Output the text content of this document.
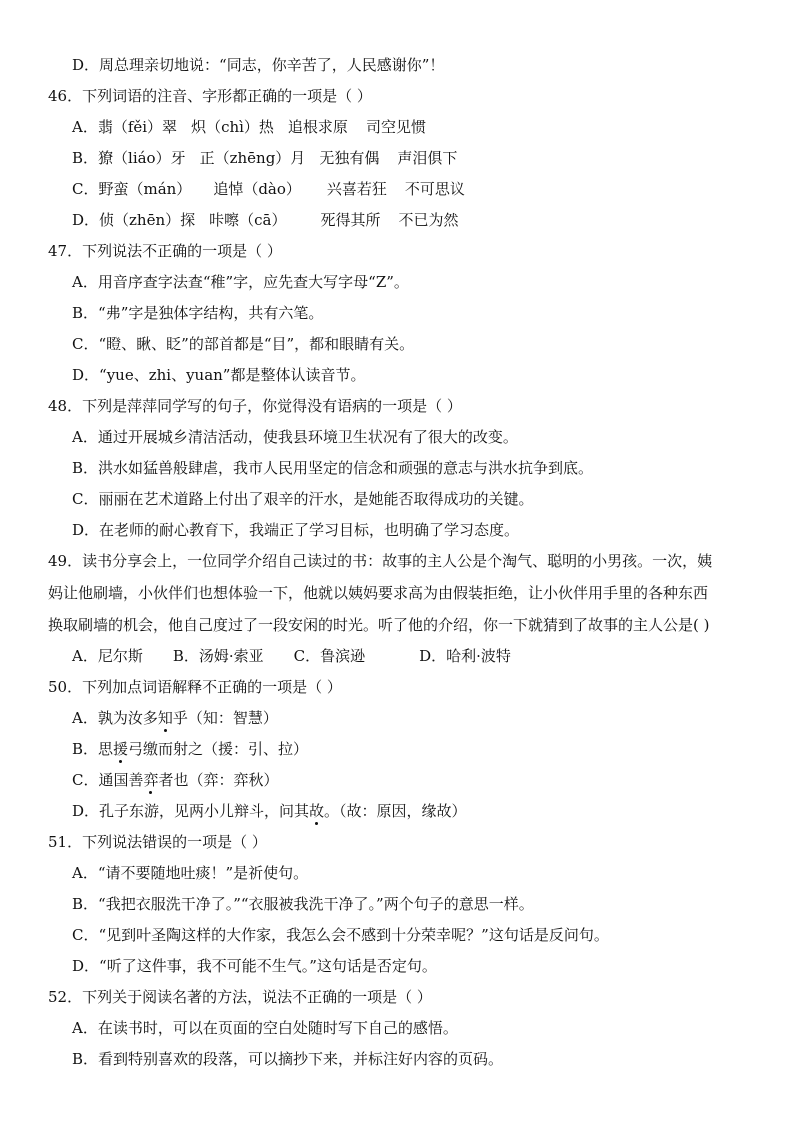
D．周总理亲切地说：“同志，你辛苦了，人民感谢你”！
46．下列词语的注音、字形都正确的一项是（ ）
A．翡（fěi）翠 炽（chì）热 追根求原 司空见惯
B．獠（liáo）牙 正（zhēng）月 无独有偶 声泪俱下
C．野蛮（mán） 追悼（dào） 兴喜若狂 不可思议
D．侦（zhēn）探 咔嚓（cā） 死得其所 不已为然
47．下列说法不正确的一项是（ ）
A．用音序查字法查“稚”字，应先查大写字母“Z”。
B．“弗”字是独体字结构，共有六笔。
C．“瞪、瞅、眨”的部首都是“目”，都和眼睛有关。
D．“yue、zhi、yuan”都是整体认读音节。
48．下列是萍萍同学写的句子，你觉得没有语病的一项是（ ）
A．通过开展城乡清洁活动，使我县环境卫生状况有了很大的改变。
B．洪水如猛兽般肆虐，我市人民用坚定的信念和顽强的意志与洪水抗争到底。
C．丽丽在艺术道路上付出了艰辛的汗水，是她能否取得成功的关键。
D．在老师的耐心教育下，我端正了学习目标，也明确了学习态度。
49．读书分享会上，一位同学介绍自己读过的书：故事的主人公是个淘气、聪明的小男孩。一次，姨
妈让他刷墙，小伙伴们也想体验一下，他就以姨妈要求高为由假装拒绝，让小伙伴用手里的各种东西
换取刷墙的机会，他自己度过了一段安闲的时光。听了他的介绍，你一下就猜到了故事的主人公是( )
A．尼尔斯 B．汤姆·索亚 C．鲁滨逊	D．哈利·波特
50．下列加点词语解释不正确的一项是（ ）
A．孰为汝多知乎（知：智慧）
B．思援弓缴而射之（援：引、拉）
C．通国善弈者也（弈：弈秋）
D．孔子东游，见两小儿辩斗，问其故。（故：原因，缘故）
51．下列说法错误的一项是（ ）
A．“请不要随地吐痰！”是祈使句。
B．“我把衣服洗干净了。”“衣服被我洗干净了。”两个句子的意思一样。
C．“见到叶圣陶这样的大作家，我怎么会不感到十分荣幸呢？”这句话是反问句。
D．“听了这件事，我不可能不生气。”这句话是否定句。
52．下列关于阅读名著的方法，说法不正确的一项是（ ）
A．在读书时，可以在页面的空白处随时写下自己的感悟。
B．看到特别喜欢的段落，可以摘抄下来，并标注好内容的页码。
